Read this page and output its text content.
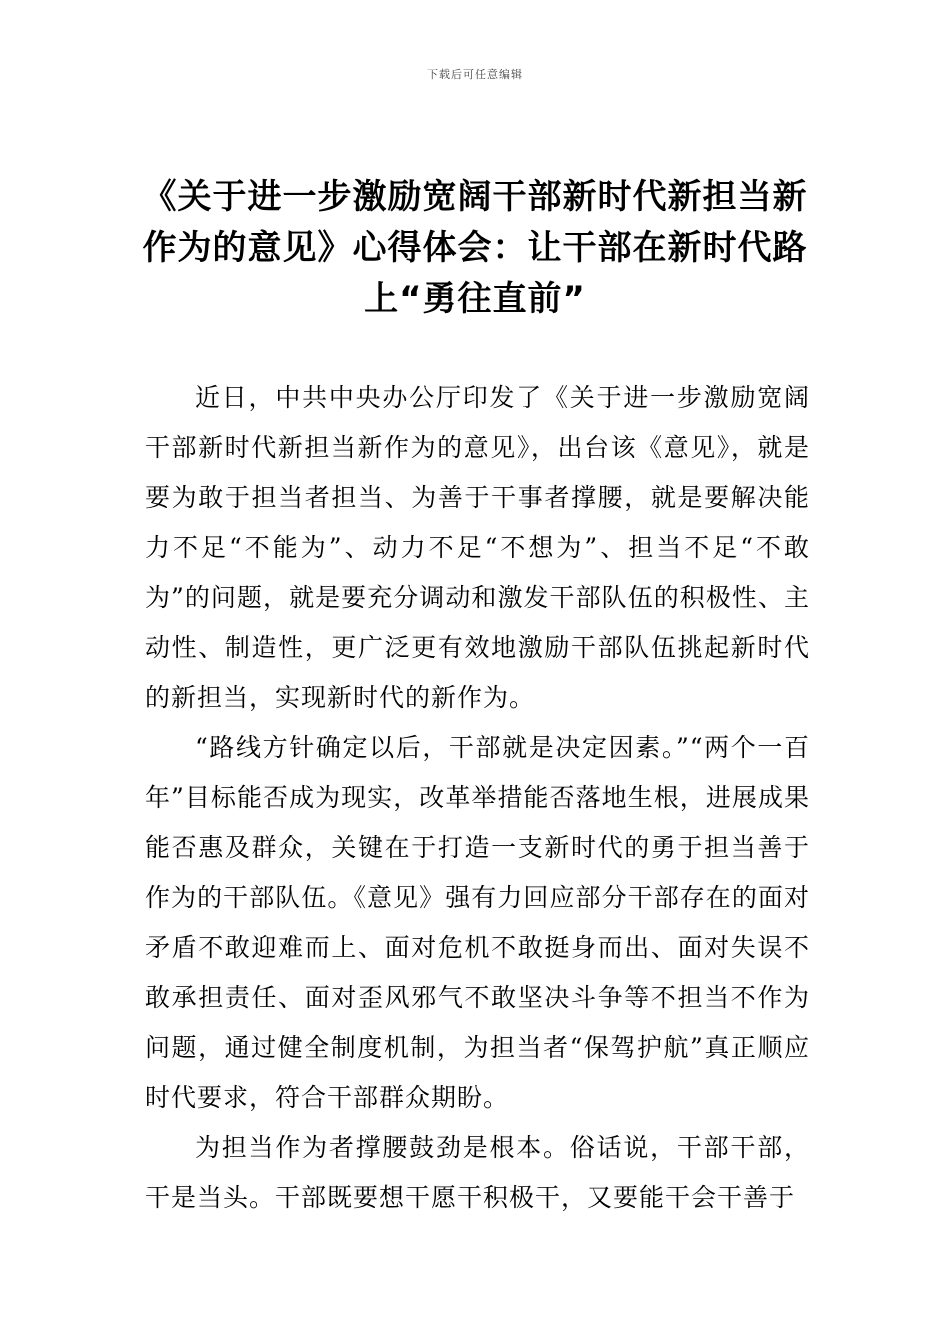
下载后可任意编辑
《关于进一步激励宽阔干部新时代新担当新作为的意见》心得体会：让干部在新时代路上“勇往直前”

近日，中共中央办公厅印发了《关于进一步激励宽阔干部新时代新担当新作为的意见》，出台该《意见》，就是要为敢于担当者担当、为善于干事者撑腰，就是要解决能力不足“不能为”、动力不足“不想为”、担当不足“不敢为”的问题，就是要充分调动和激发干部队伍的积极性、主动性、制造性，更广泛更有效地激励干部队伍挑起新时代的新担当，实现新时代的新作为。

“路线方针确定以后，干部就是决定因素。”“两个一百年”目标能否成为现实，改革举措能否落地生根，进展成果能否惠及群众，关键在于打造一支新时代的勇于担当善于作为的干部队伍。《意见》强有力回应部分干部存在的面对矛盾不敢迎难而上、面对危机不敢挺身而出、面对失误不敢承担责任、面对歪风邪气不敢坚决斗争等不担当不作为问题，通过健全制度机制，为担当者“保驾护航”真正顺应时代要求，符合干部群众期盼。

为担当作为者撑腰鼓劲是根本。俗话说，干部干部，干是当头。干部既要想干愿干积极干，又要能干会干善于
